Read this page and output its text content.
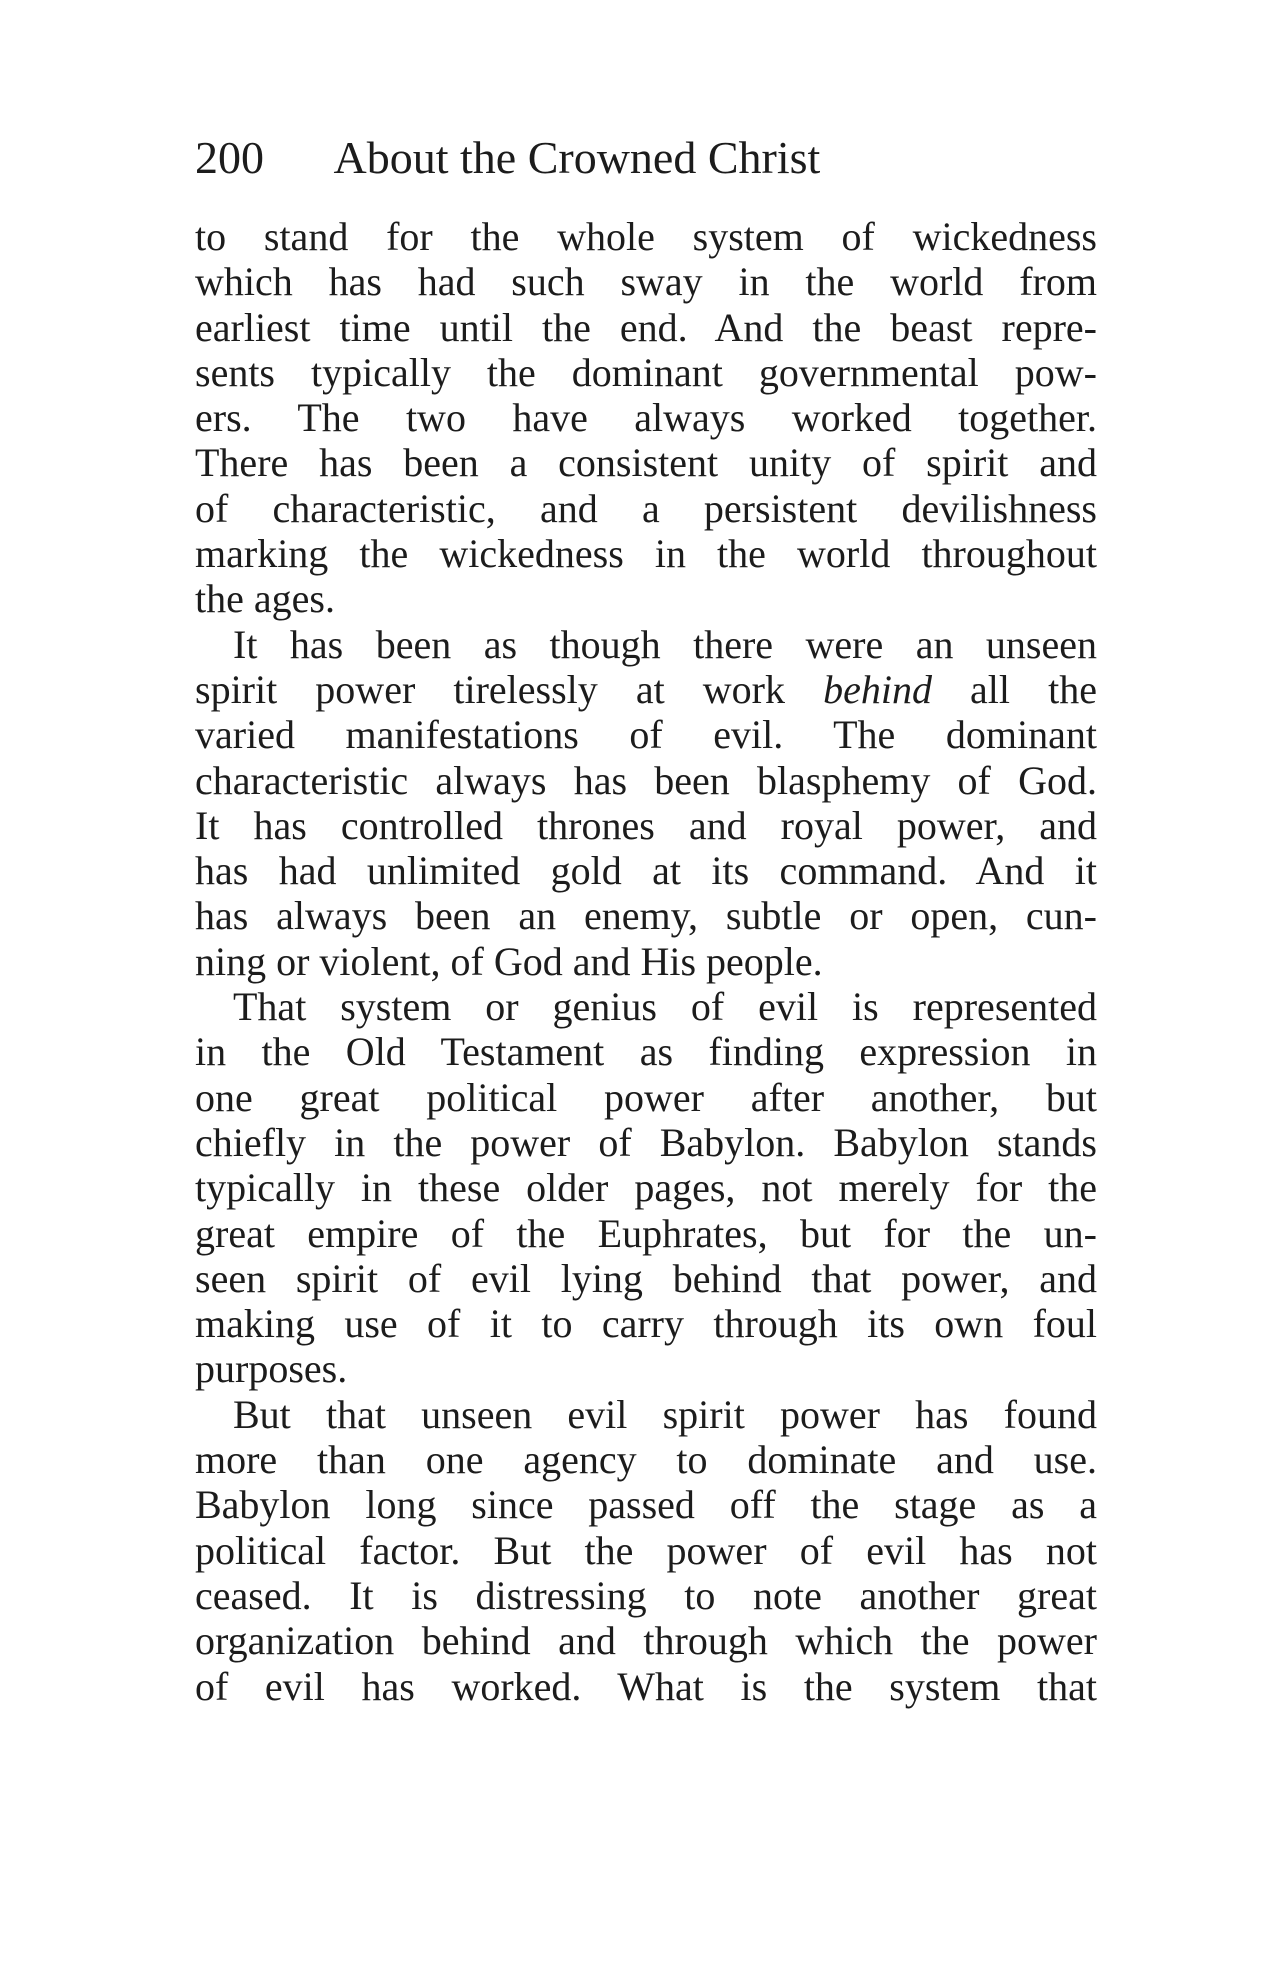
200 About the Crowned Christ
to stand for the whole system of wickedness
which has had such sway in the world from
earliest time until the end. And the beast repre-
sents typically the dominant governmental pow-
ers. The two have always worked together.
There has been a consistent unity of spirit and
of characteristic, and a persistent devilishness
marking the wickedness in the world throughout
the ages.
It has been as though there were an unseen
spirit power tirelessly at work behind all the
varied manifestations of evil. The dominant
characteristic always has been blasphemy of God.
It has controlled thrones and royal power, and
has had unlimited gold at its command. And it
has always been an enemy, subtle or open, cun-
ning or violent, of God and His people.
That system or genius of evil is represented
in the Old Testament as finding expression in
one great political power after another, but
chiefly in the power of Babylon. Babylon stands
typically in these older pages, not merely for the
great empire of the Euphrates, but for the un-
seen spirit of evil lying behind that power, and
making use of it to carry through its own foul
purposes.
But that unseen evil spirit power has found
more than one agency to dominate and use.
Babylon long since passed off the stage as a
political factor. But the power of evil has not
ceased. It is distressing to note another great
organization behind and through which the power
of evil has worked. What is the system that
